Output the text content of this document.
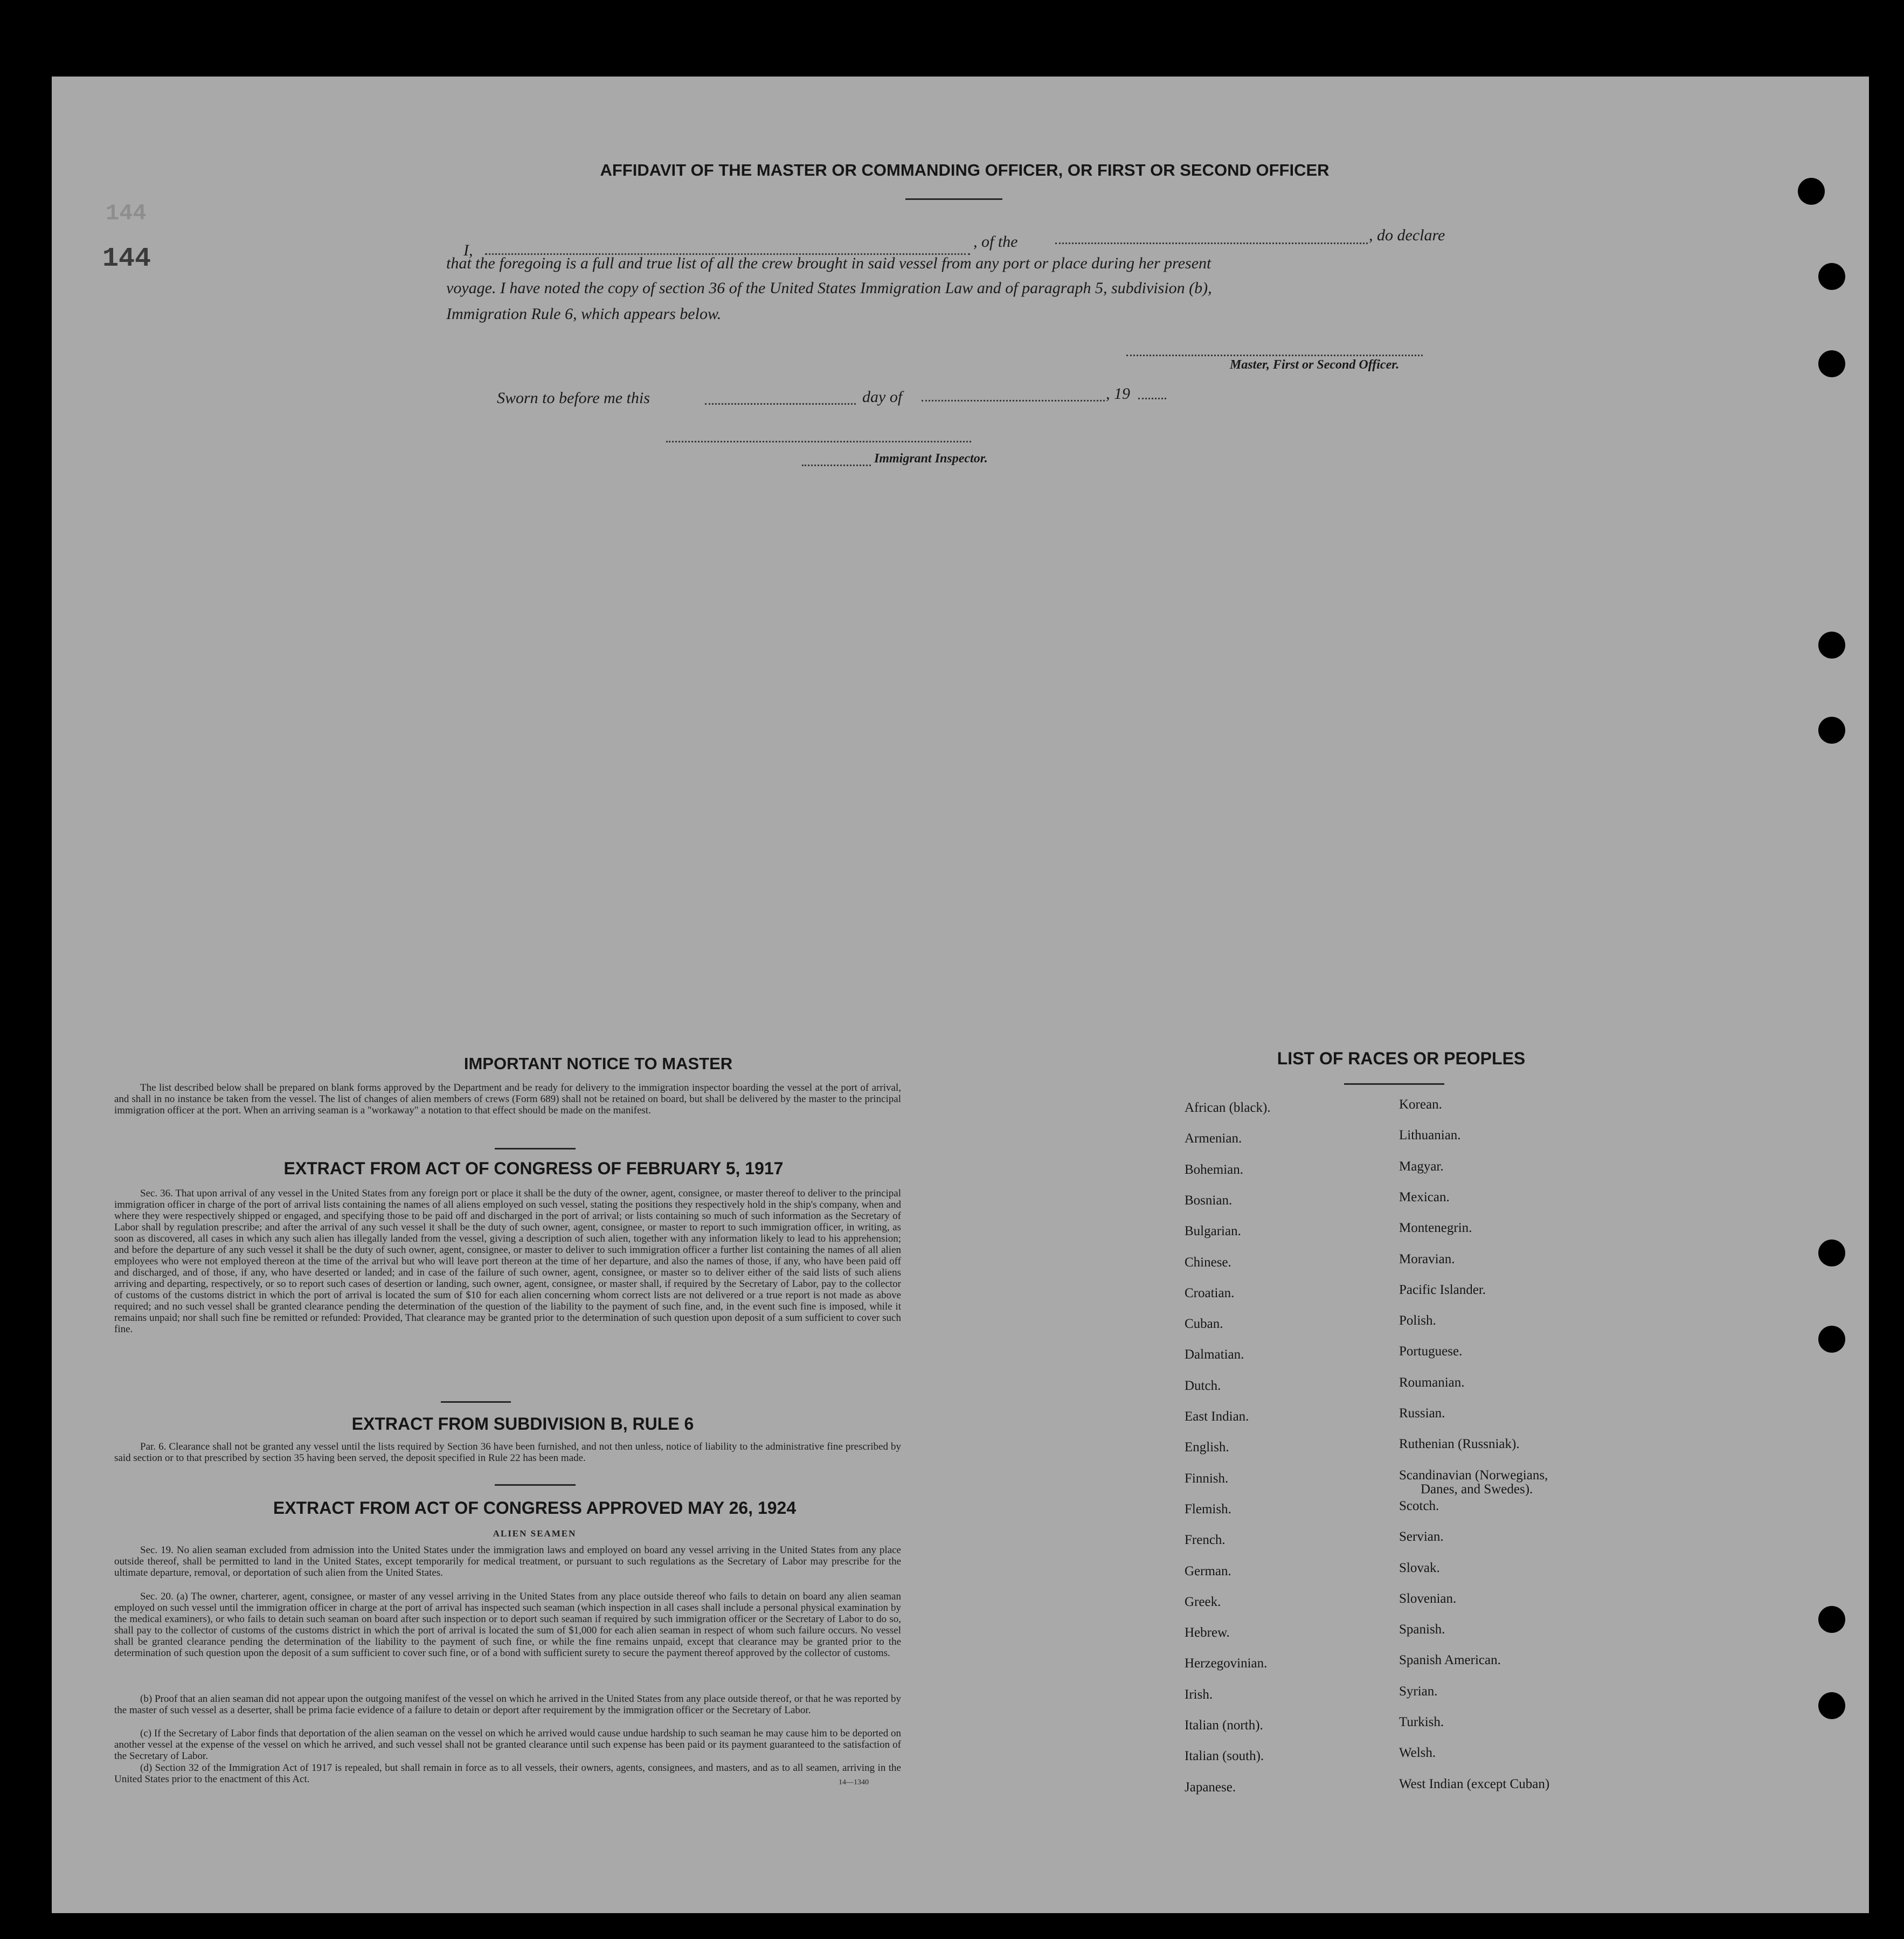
144
144
AFFIDAVIT OF THE MASTER OR COMMANDING OFFICER, OR FIRST OR SECOND OFFICER
I,	, of the	, do declare
that the foregoing is a full and true list of all the crew brought in said vessel from any port or place during her present
voyage. I have noted the copy of section 36 of the United States Immigration Law and of paragraph 5, subdivision (b),
Immigration Rule 6, which appears below.
Master, First or Second Officer.
Sworn to before me this	day of	, 19
Immigrant Inspector.
IMPORTANT NOTICE TO MASTER
The list described below shall be prepared on blank forms approved by the Department and be ready for delivery to the immigration inspector boarding the vessel at the port of arrival, and shall in no instance be taken from the vessel. The list of changes of alien members of crews (Form 689) shall not be retained on board, but shall be delivered by the master to the principal immigration officer at the port. When an arriving seaman is a "workaway" a notation to that effect should be made on the manifest.
EXTRACT FROM ACT OF CONGRESS OF FEBRUARY 5, 1917
Sec. 36. That upon arrival of any vessel in the United States from any foreign port or place it shall be the duty of the owner, agent, consignee, or master thereof to deliver to the principal immigration officer in charge of the port of arrival lists containing the names of all aliens employed on such vessel, stating the positions they respectively hold in the ship's company, when and where they were respectively shipped or engaged, and specifying those to be paid off and discharged in the port of arrival; or lists containing so much of such information as the Secretary of Labor shall by regulation prescribe; and after the arrival of any such vessel it shall be the duty of such owner, agent, consignee, or master to report to such immigration officer, in writing, as soon as discovered, all cases in which any such alien has illegally landed from the vessel, giving a description of such alien, together with any information likely to lead to his apprehension; and before the departure of any such vessel it shall be the duty of such owner, agent, consignee, or master to deliver to such immigration officer a further list containing the names of all alien employees who were not employed thereon at the time of the arrival but who will leave port thereon at the time of her departure, and also the names of those, if any, who have been paid off and discharged, and of those, if any, who have deserted or landed; and in case of the failure of such owner, agent, consignee, or master so to deliver either of the said lists of such aliens arriving and departing, respectively, or so to report such cases of desertion or landing, such owner, agent, consignee, or master shall, if required by the Secretary of Labor, pay to the collector of customs of the customs district in which the port of arrival is located the sum of $10 for each alien concerning whom correct lists are not delivered or a true report is not made as above required; and no such vessel shall be granted clearance pending the determination of the question of the liability to the payment of such fine, and, in the event such fine is imposed, while it remains unpaid; nor shall such fine be remitted or refunded: Provided, That clearance may be granted prior to the determination of such question upon deposit of a sum sufficient to cover such fine.
EXTRACT FROM SUBDIVISION B, RULE 6
Par. 6. Clearance shall not be granted any vessel until the lists required by Section 36 have been furnished, and not then unless, notice of liability to the administrative fine prescribed by said section or to that prescribed by section 35 having been served, the deposit specified in Rule 22 has been made.
EXTRACT FROM ACT OF CONGRESS APPROVED MAY 26, 1924
ALIEN SEAMEN
Sec. 19. No alien seaman excluded from admission into the United States under the immigration laws and employed on board any vessel arriving in the United States from any place outside thereof, shall be permitted to land in the United States, except temporarily for medical treatment, or pursuant to such regulations as the Secretary of Labor may prescribe for the ultimate departure, removal, or deportation of such alien from the United States.
Sec. 20. (a) The owner, charterer, agent, consignee, or master of any vessel arriving in the United States from any place outside thereof who fails to detain on board any alien seaman employed on such vessel until the immigration officer in charge at the port of arrival has inspected such seaman (which inspection in all cases shall include a personal physical examination by the medical examiners), or who fails to detain such seaman on board after such inspection or to deport such seaman if required by such immigration officer or the Secretary of Labor to do so, shall pay to the collector of customs of the customs district in which the port of arrival is located the sum of $1,000 for each alien seaman in respect of whom such failure occurs. No vessel shall be granted clearance pending the determination of the liability to the payment of such fine, or while the fine remains unpaid, except that clearance may be granted prior to the determination of such question upon the deposit of a sum sufficient to cover such fine, or of a bond with sufficient surety to secure the payment thereof approved by the collector of customs.
(b) Proof that an alien seaman did not appear upon the outgoing manifest of the vessel on which he arrived in the United States from any place outside thereof, or that he was reported by the master of such vessel as a deserter, shall be prima facie evidence of a failure to detain or deport after requirement by the immigration officer or the Secretary of Labor.
(c) If the Secretary of Labor finds that deportation of the alien seaman on the vessel on which he arrived would cause undue hardship to such seaman he may cause him to be deported on another vessel at the expense of the vessel on which he arrived, and such vessel shall not be granted clearance until such expense has been paid or its payment guaranteed to the satisfaction of the Secretary of Labor.
(d) Section 32 of the Immigration Act of 1917 is repealed, but shall remain in force as to all vessels, their owners, agents, consignees, and masters, and as to all seamen, arriving in the United States prior to the enactment of this Act.	14—1340
LIST OF RACES OR PEOPLES
African (black).
Armenian.
Bohemian.
Bosnian.
Bulgarian.
Chinese.
Croatian.
Cuban.
Dalmatian.
Dutch.
East Indian.
English.
Finnish.
Flemish.
French.
German.
Greek.
Hebrew.
Herzegovinian.
Irish.
Italian (north).
Italian (south).
Japanese.
Korean.
Lithuanian.
Magyar.
Mexican.
Montenegrin.
Moravian.
Pacific Islander.
Polish.
Portuguese.
Roumanian.
Russian.
Ruthenian (Russniak).
Scandinavian (Norwegians,
Danes, and Swedes).
Scotch.
Servian.
Slovak.
Slovenian.
Spanish.
Spanish American.
Syrian.
Turkish.
Welsh.
West Indian (except Cuban)
